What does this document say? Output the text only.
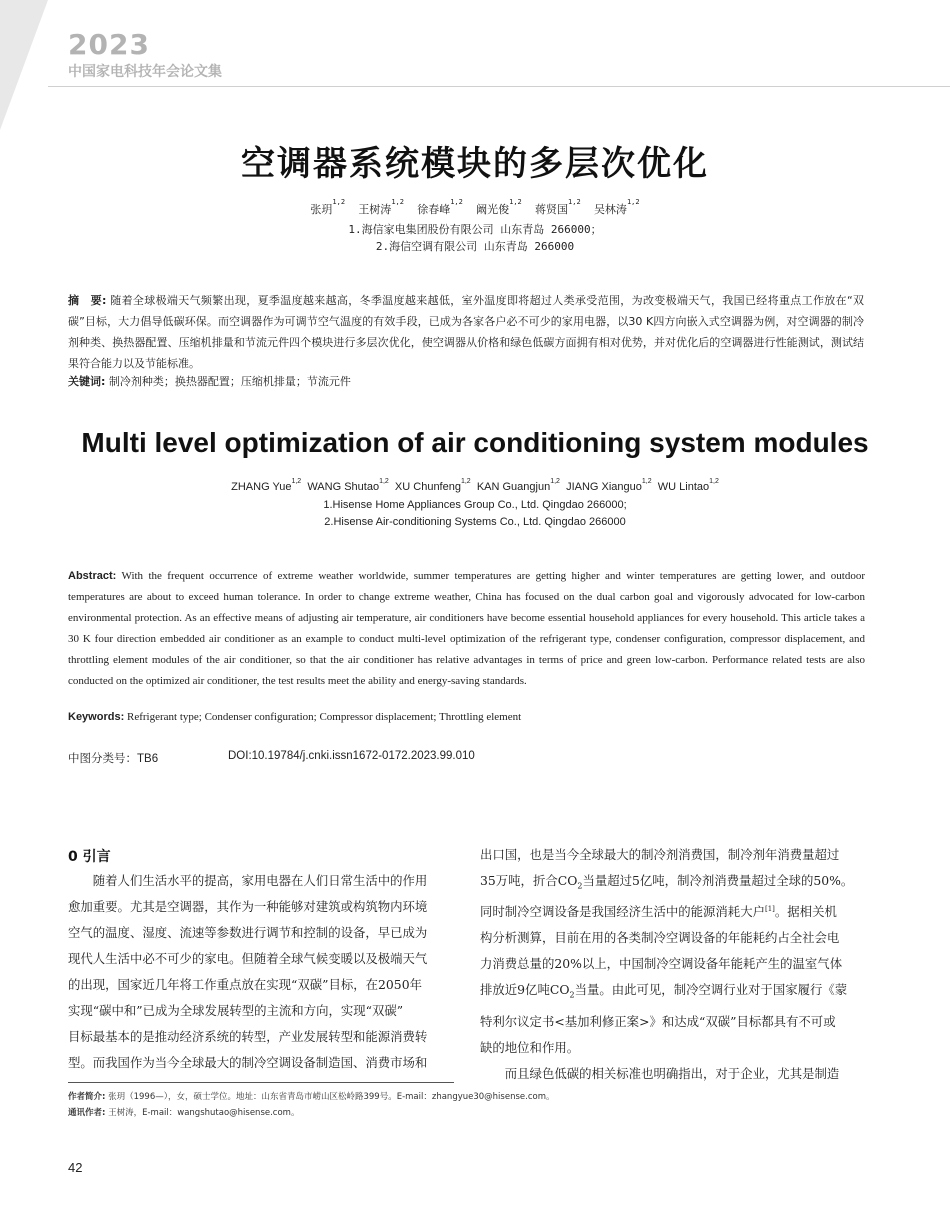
2023
中国家电科技年会论文集
空调器系统模块的多层次优化
张玥$^{1,2}$  王树涛$^{1,2}$  徐春峰$^{1,2}$  阚光俊$^{1,2}$  蒋贤国$^{1,2}$  吴林涛$^{1,2}$
1.海信家电集团股份有限公司 山东青岛 266000；
2.海信空调有限公司 山东青岛 266000
摘　要: 随着全球极端天气频繁出现，夏季温度越来越高，冬季温度越来越低，室外温度即将超过人类承受范围，为改变极端天气，我国已经将重点工作放在“双碳”目标，大力倡导低碳环保。而空调器作为可调节空气温度的有效手段，已成为各家各户必不可少的家用电器，以30 K四方向嵌入式空调器为例，对空调器的制冷剂种类、换热器配置、压缩机排量和节流元件四个模块进行多层次优化，使空调器从价格和绿色低碳方面拥有相对优势，并对优化后的空调器进行性能测试，测试结果符合能力以及节能标准。
关键词: 制冷剂种类；换热器配置；压缩机排量；节流元件
Multi level optimization of air conditioning system modules
ZHANG Yue$^{1,2}$ WANG Shutao$^{1,2}$ XU Chunfeng$^{1,2}$ KAN Guangjun$^{1,2}$ JIANG Xianguo$^{1,2}$ WU Lintao$^{1,2}$
1.Hisense Home Appliances Group Co., Ltd. Qingdao 266000;
2.Hisense Air-conditioning Systems Co., Ltd. Qingdao 266000
Abstract: With the frequent occurrence of extreme weather worldwide, summer temperatures are getting higher and winter temperatures are getting lower, and outdoor temperatures are about to exceed human tolerance. In order to change extreme weather, China has focused on the dual carbon goal and vigorously advocated for low-carbon environmental protection. As an effective means of adjusting air temperature, air conditioners have become essential household appliances for every household. This article takes a 30 K four direction embedded air conditioner as an example to conduct multi-level optimization of the refrigerant type, condenser configuration, compressor displacement, and throttling element modules of the air conditioner, so that the air conditioner has relative advantages in terms of price and green low-carbon. Performance related tests are also conducted on the optimized air conditioner, the test results meet the ability and energy-saving standards.
Keywords: Refrigerant type; Condenser configuration; Compressor displacement; Throttling element
中图分类号：TB6	DOI:10.19784/j.cnki.issn1672-0172.2023.99.010
0 引言
　　随着人们生活水平的提高，家用电器在人们日常生活中的作用
愈加重要。尤其是空调器，其作为一种能够对建筑或构筑物内环境
空气的温度、湿度、流速等参数进行调节和控制的设备，早已成为
现代人生活中必不可少的家电。但随着全球气候变暖以及极端天气
的出现，国家近几年将工作重点放在实现“双碳”目标，在2050年
实现“碳中和”已成为全球发展转型的主流和方向，实现“双碳”
目标最基本的是推动经济系统的转型，产业发展转型和能源消费转
型。而我国作为当今全球最大的制冷空调设备制造国、消费市场和
出口国，也是当今全球最大的制冷剂消费国，制冷剂年消费量超过
35万吨，折合$CO_2$当量超过5亿吨，制冷剂消费量超过全球的50%。
同时制冷空调设备是我国经济生活中的能源消耗大户[1]。据相关机
构分析测算，目前在用的各类制冷空调设备的年能耗约占全社会电
力消费总量的20%以上，中国制冷空调设备年能耗产生的温室气体
排放近9亿吨$CO_2$当量。由此可见，制冷空调行业对于国家履行《蒙
特利尔议定书<基加利修正案>》和达成“双碳”目标都具有不可或
缺的地位和作用。
　　而且绿色低碳的相关标准也明确指出，对于企业，尤其是制造
作者简介: 张玥（1996—），女，硕士学位。地址：山东省青岛市崂山区松岭路399号。E-mail：zhangyue30@hisense.com。
通讯作者: 王树涛，E-mail：wangshutao@hisense.com。
42
